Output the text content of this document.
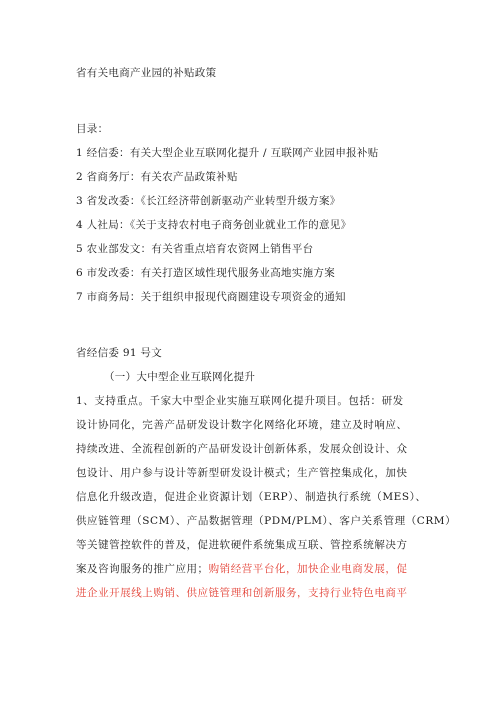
省有关电商产业园的补贴政策
目录：
1 经信委：有关大型企业互联网化提升 / 互联网产业园申报补贴
2 省商务厅：有关农产品政策补贴
3 省发改委：《长江经济带创新驱动产业转型升级方案》
4 人社局：《关于支持农村电子商务创业就业工作的意见》
5 农业部发文：有关省重点培育农资网上销售平台
6 市发改委：有关打造区域性现代服务业高地实施方案
7 市商务局：关于组织申报现代商圈建设专项资金的通知
省经信委 91 号文
（一）大中型企业互联网化提升
1、支持重点。千家大中型企业实施互联网化提升项目。包括：研发
设计协同化，完善产品研发设计数字化网络化环境，建立及时响应、
持续改进、全流程创新的产品研发设计创新体系，发展众创设计、众
包设计、用户参与设计等新型研发设计模式；生产管控集成化，加快
信息化升级改造，促进企业资源计划（ERP）、制造执行系统（MES）、
供应链管理（SCM）、产品数据管理（PDM/PLM）、客户关系管理（CRM）
等关键管控软件的普及，促进软硬件系统集成互联、管控系统解决方
案及咨询服务的推广应用；购销经营平台化，加快企业电商发展，促
进企业开展线上购销、供应链管理和创新服务，支持行业特色电商平
